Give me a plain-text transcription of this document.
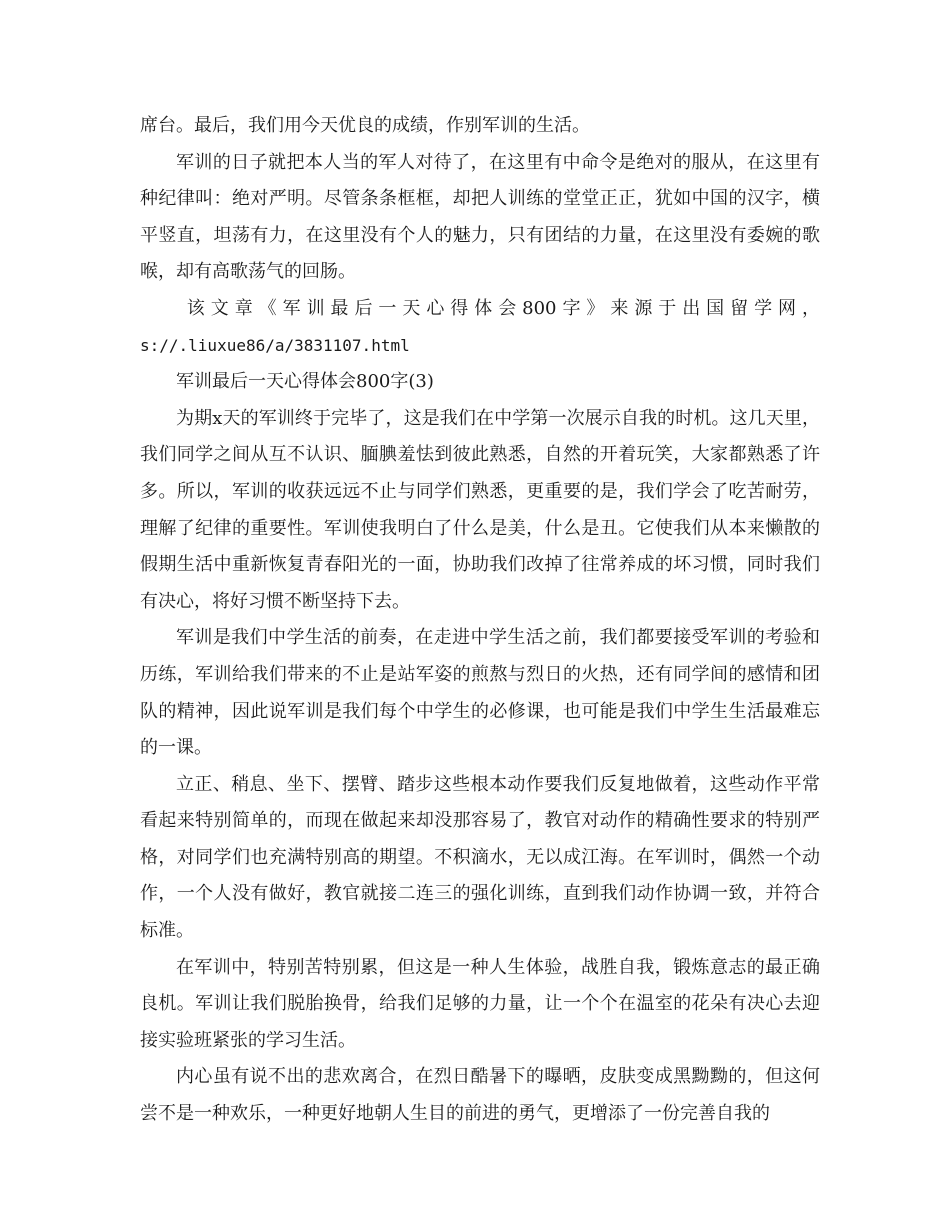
席台。最后，我们用今天优良的成绩，作别军训的生活。

军训的日子就把本人当的军人对待了，在这里有中命令是绝对的服从，在这里有种纪律叫：绝对严明。尽管条条框框，却把人训练的堂堂正正，犹如中国的汉字，横平竖直，坦荡有力，在这里没有个人的魅力，只有团结的力量，在这里没有委婉的歌喉，却有高歌荡气的回肠。

该文章《军训最后一天心得体会800字》来源于出国留学网，

s://.liuxue86/a/3831107.html

军训最后一天心得体会800字(3)

为期x天的军训终于完毕了，这是我们在中学第一次展示自我的时机。这几天里，我们同学之间从互不认识、腼腆羞怯到彼此熟悉，自然的开着玩笑，大家都熟悉了许多。所以，军训的收获远远不止与同学们熟悉，更重要的是，我们学会了吃苦耐劳，理解了纪律的重要性。军训使我明白了什么是美，什么是丑。它使我们从本来懒散的假期生活中重新恢复青春阳光的一面，协助我们改掉了往常养成的坏习惯，同时我们有决心，将好习惯不断坚持下去。

军训是我们中学生活的前奏，在走进中学生活之前，我们都要接受军训的考验和历练，军训给我们带来的不止是站军姿的煎熬与烈日的火热，还有同学间的感情和团队的精神，因此说军训是我们每个中学生的必修课，也可能是我们中学生生活最难忘的一课。

立正、稍息、坐下、摆臂、踏步这些根本动作要我们反复地做着，这些动作平常看起来特别简单的，而现在做起来却没那容易了，教官对动作的精确性要求的特别严格，对同学们也充满特别高的期望。不积滴水，无以成江海。在军训时，偶然一个动作，一个人没有做好，教官就接二连三的强化训练，直到我们动作协调一致，并符合标准。

在军训中，特别苦特别累，但这是一种人生体验，战胜自我，锻炼意志的最正确良机。军训让我们脱胎换骨，给我们足够的力量，让一个个在温室的花朵有决心去迎接实验班紧张的学习生活。

内心虽有说不出的悲欢离合，在烈日酷暑下的曝晒，皮肤变成黑黝黝的，但这何尝不是一种欢乐，一种更好地朝人生目的前进的勇气，更增添了一份完善自我的
